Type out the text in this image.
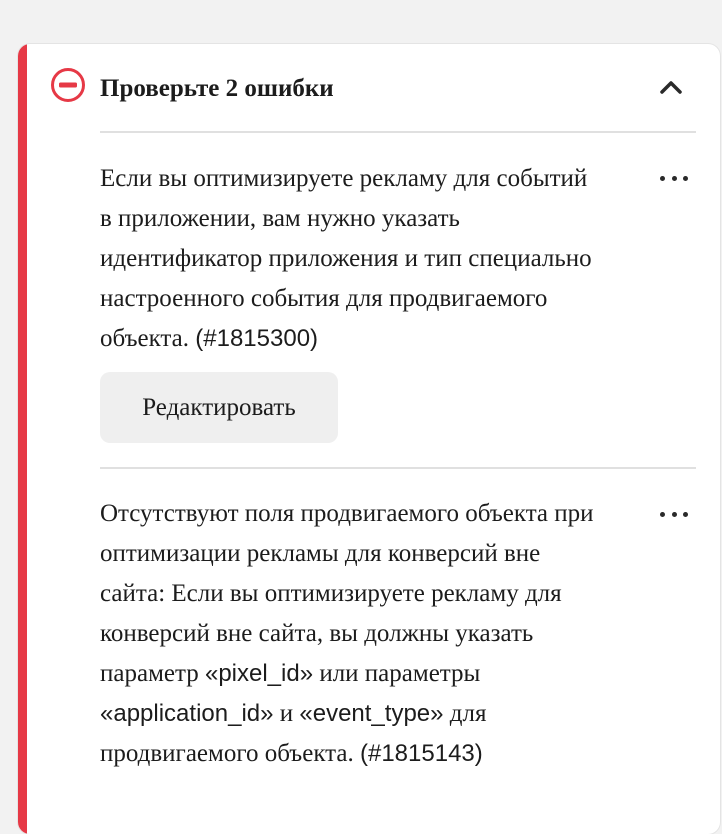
Проверьте 2 ошибки

Если вы оптимизируете рекламу для событий
в приложении, вам нужно указать
идентификатор приложения и тип специально
настроенного события для продвигаемого
объекта. (#1815300)

Редактировать

Отсутствуют поля продвигаемого объекта при
оптимизации рекламы для конверсий вне
сайта: Если вы оптимизируете рекламу для
конверсий вне сайта, вы должны указать
параметр «pixel_id» или параметры
«application_id» и «event_type» для
продвигаемого объекта. (#1815143)
